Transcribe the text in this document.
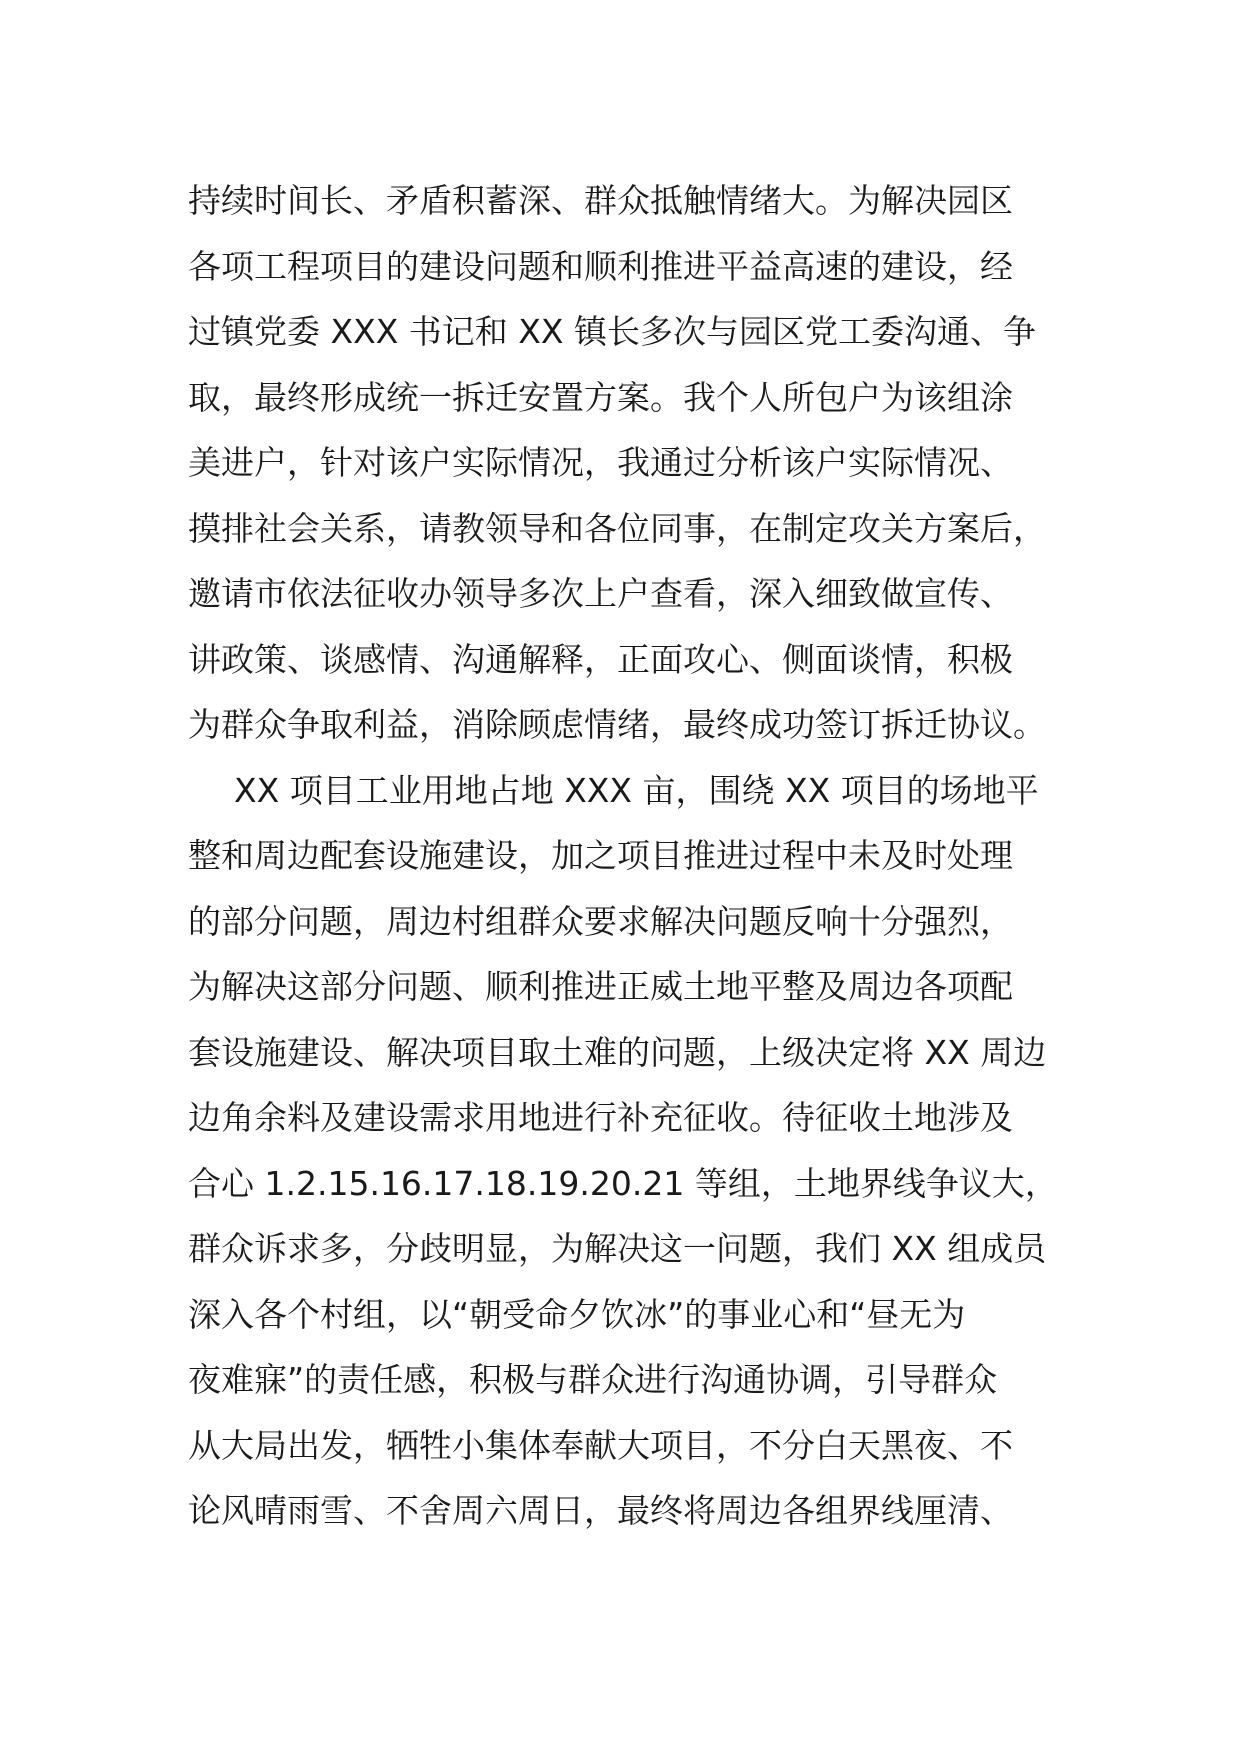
持续时间长、矛盾积蓄深、群众抵触情绪大。为解决园区
各项工程项目的建设问题和顺利推进平益高速的建设，经
过镇党委 XXX 书记和 XX 镇长多次与园区党工委沟通、争
取，最终形成统一拆迁安置方案。我个人所包户为该组涂
美进户，针对该户实际情况，我通过分析该户实际情况、
摸排社会关系，请教领导和各位同事，在制定攻关方案后，
邀请市依法征收办领导多次上户查看，深入细致做宣传、
讲政策、谈感情、沟通解释，正面攻心、侧面谈情，积极
为群众争取利益，消除顾虑情绪，最终成功签订拆迁协议。
XX 项目工业用地占地 XXX 亩，围绕 XX 项目的场地平
整和周边配套设施建设，加之项目推进过程中未及时处理
的部分问题，周边村组群众要求解决问题反响十分强烈，
为解决这部分问题、顺利推进正威土地平整及周边各项配
套设施建设、解决项目取土难的问题，上级决定将 XX 周边
边角余料及建设需求用地进行补充征收。待征收土地涉及
合心 1.2.15.16.17.18.19.20.21 等组，土地界线争议大，
群众诉求多，分歧明显，为解决这一问题，我们 XX 组成员
深入各个村组，以“朝受命夕饮冰”的事业心和“昼无为
夜难寐”的责任感，积极与群众进行沟通协调，引导群众
从大局出发，牺牲小集体奉献大项目，不分白天黑夜、不
论风晴雨雪、不舍周六周日，最终将周边各组界线厘清、
